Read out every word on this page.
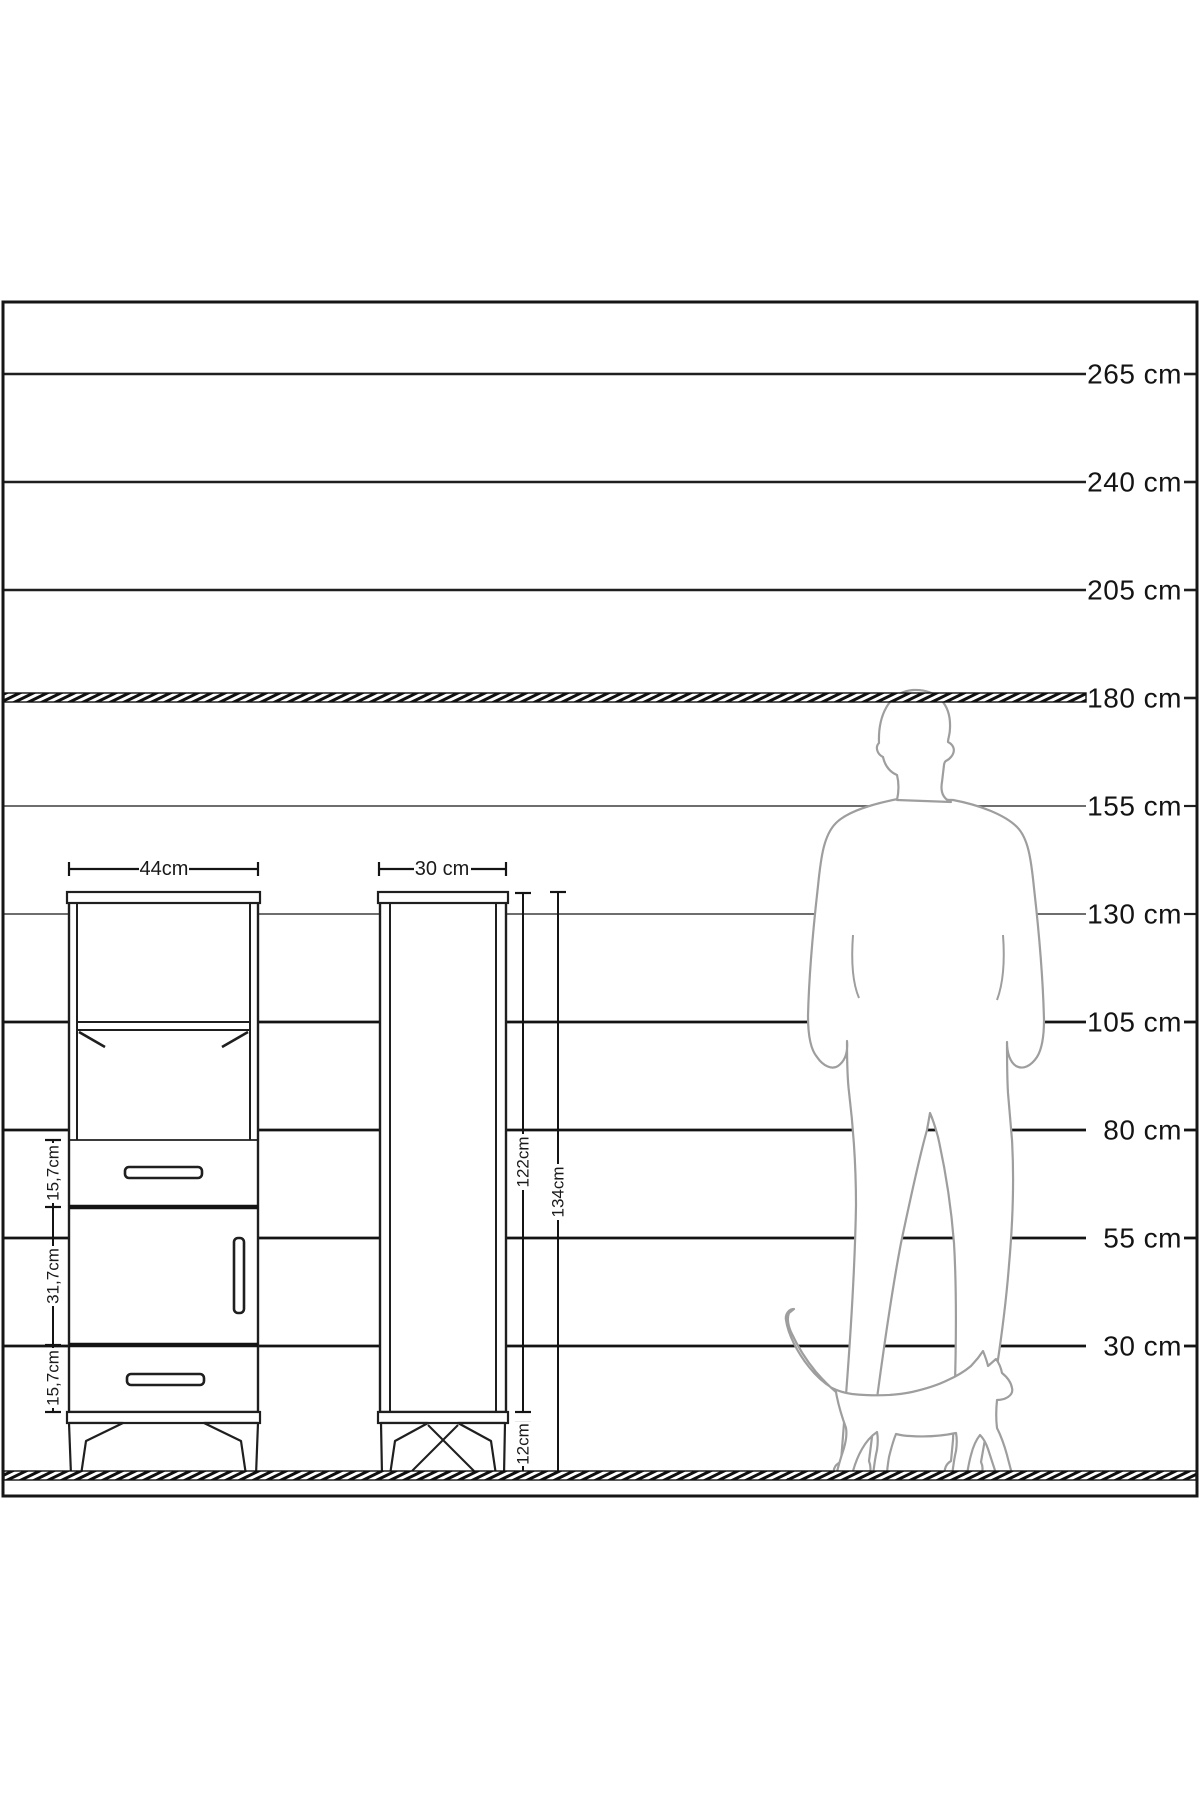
265 cm
240 cm
205 cm
180 cm
155 cm
130 cm
105 cm
80 cm
55 cm
30 cm
44cm
15,7cm
31,7cm
15,7cm
30 cm
122cm
134cm
12cm
